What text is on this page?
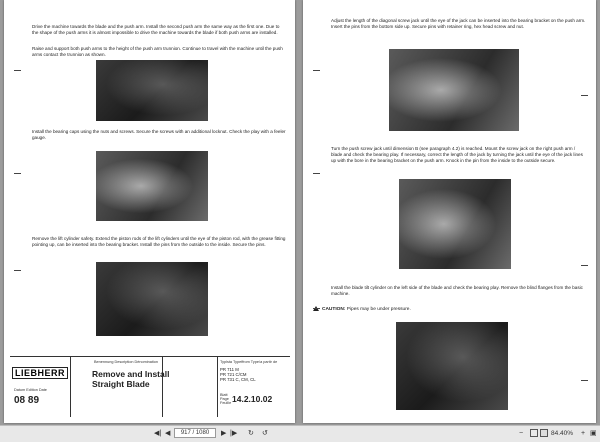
Drive the machine towards the blade and the push arm. Install the second push arm the same way as the first one. Due to the shape of the push arms it is almost impossible to drive the machine towards the blade if both push arms are installed.

Raise and support both push arms to the height of the push arm trunnion. Continue to travel with the machine until the push arms contact the trunnion as shown.

Install the bearing caps using the nuts and screws. Secure the screws with an additional locknut. Check the play with a feeler gauge.

Remove the lift cylinder safety. Extend the piston rods of the lift cylinders until the eye of the piston rod, with the grease fitting pointing up, can be inserted into the bearing bracket. Install the pins from the outside to the inside. Secure the pins.

LIEBHERR
Benennung Description Dénomination
Remove and Install
Straight Blade
Datum Edition Date
08 89
Typlsta Typeffrom Type/a partir de
PR 711 M
PR 721 C/CM
PR 731 C, CM, CL
Blatt Page Feuille 14.2.10.02

Adjust the length of the diagonal screw jack until the eye of the jack can be inserted into the bearing bracket on the push arm. Insert the pins from the bottom side up. Secure pins with retainer ring, hex head screw and nut.

Turn the push screw jack until dimension B (see paragraph 4.2) is reached. Mount the screw jack on the right push arm / blade and check the bearing play. If necessary, correct the length of the jack by turning the jack until the eye of the jack lines up with the bore in the bearing bracket on the push arm. Knock in the pin from the inside to the outside secure.

Install the blade tilt cylinder on the left side of the blade and check the bearing play. Remove the blind flanges from the basic machine.

CAUTION: Pipes may be under pressure.
◀| ◀	917 / 1080	▶ |▶ ↻ ↺	−	84.40% + ▣
